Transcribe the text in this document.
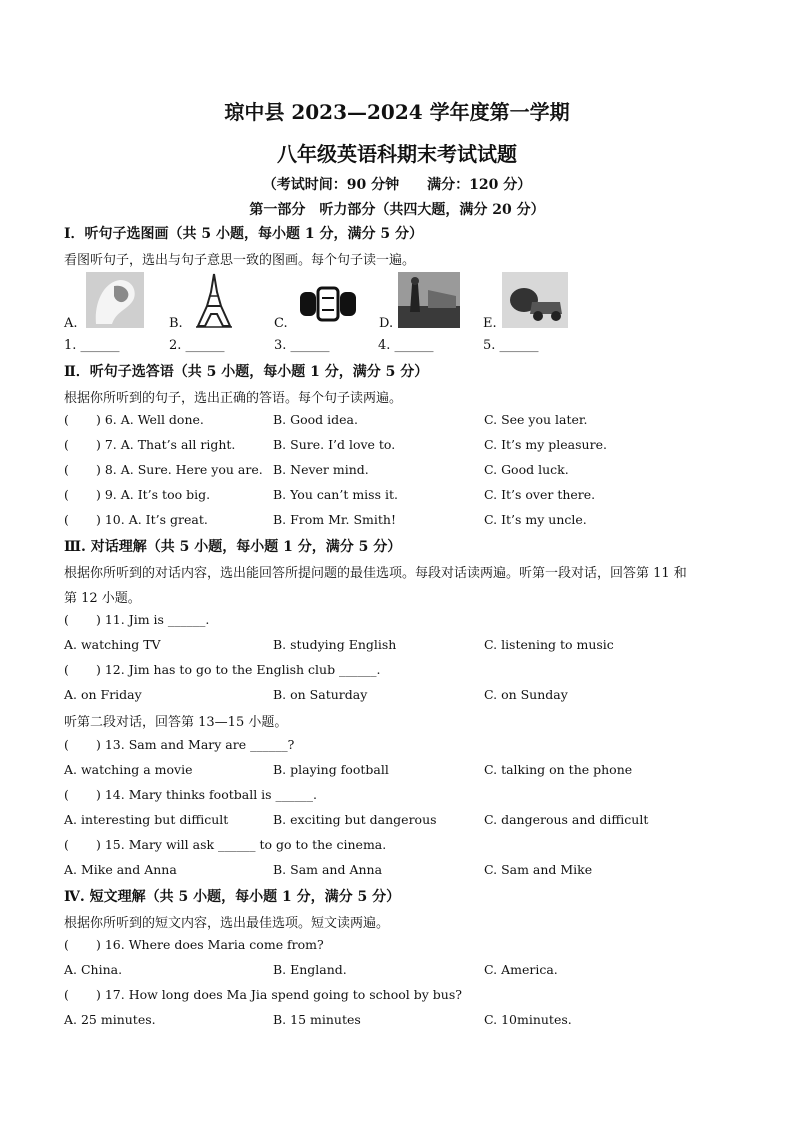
琼中县 2023—2024 学年度第一学期
八年级英语科期末考试试题
（考试时间：90 分钟　　满分：120 分）
第一部分　听力部分（共四大题，满分 20 分）
Ⅰ．听句子选图画（共 5 小题，每小题 1 分，满分 5 分）
看图听句子，选出与句子意思一致的图画。每个句子读一遍。
A.	B.	C.	D.	E.
1. ______	2. ______	3. ______	4. ______	5. ______
Ⅱ．听句子选答语（共 5 小题，每小题 1 分，满分 5 分）
根据你所听到的句子，选出正确的答语。每个句子读两遍。
( ) 6. A. Well done.	B. Good idea.	C. See you later.
( ) 7. A. That’s all right.	B. Sure. I’d love to.	C. It’s my pleasure.
( ) 8. A. Sure. Here you are. B. Never mind.	C. Good luck.
( ) 9. A. It’s too big.	B. You can’t miss it.	C. It’s over there.
( ) 10. A. It’s great.	B. From Mr. Smith!	C. It’s my uncle.
Ⅲ. 对话理解（共 5 小题，每小题 1 分，满分 5 分）
根据你所听到的对话内容，选出能回答所提问题的最佳选项。每段对话读两遍。听第一段对话，回答第 11 和
第 12 小题。
( ) 11. Jim is ______.
A. watching TV	B. studying English	C. listening to music
( ) 12. Jim has to go to the English club ______.
A. on Friday	B. on Saturday	C. on Sunday
听第二段对话，回答第 13—15 小题。
( ) 13. Sam and Mary are ______?
A. watching a movie	B. playing football	C. talking on the phone
( ) 14. Mary thinks football is ______.
A. interesting but difficult	B. exciting but dangerous	C. dangerous and difficult
( ) 15. Mary will ask ______ to go to the cinema.
A. Mike and Anna	B. Sam and Anna	C. Sam and Mike
Ⅳ. 短文理解（共 5 小题，每小题 1 分，满分 5 分）
根据你所听到的短文内容，选出最佳选项。短文读两遍。
( ) 16. Where does Maria come from?
A. China.	B. England.	C. America.
( ) 17. How long does Ma Jia spend going to school by bus?
A. 25 minutes.	B. 15 minutes	C. 10minutes.
